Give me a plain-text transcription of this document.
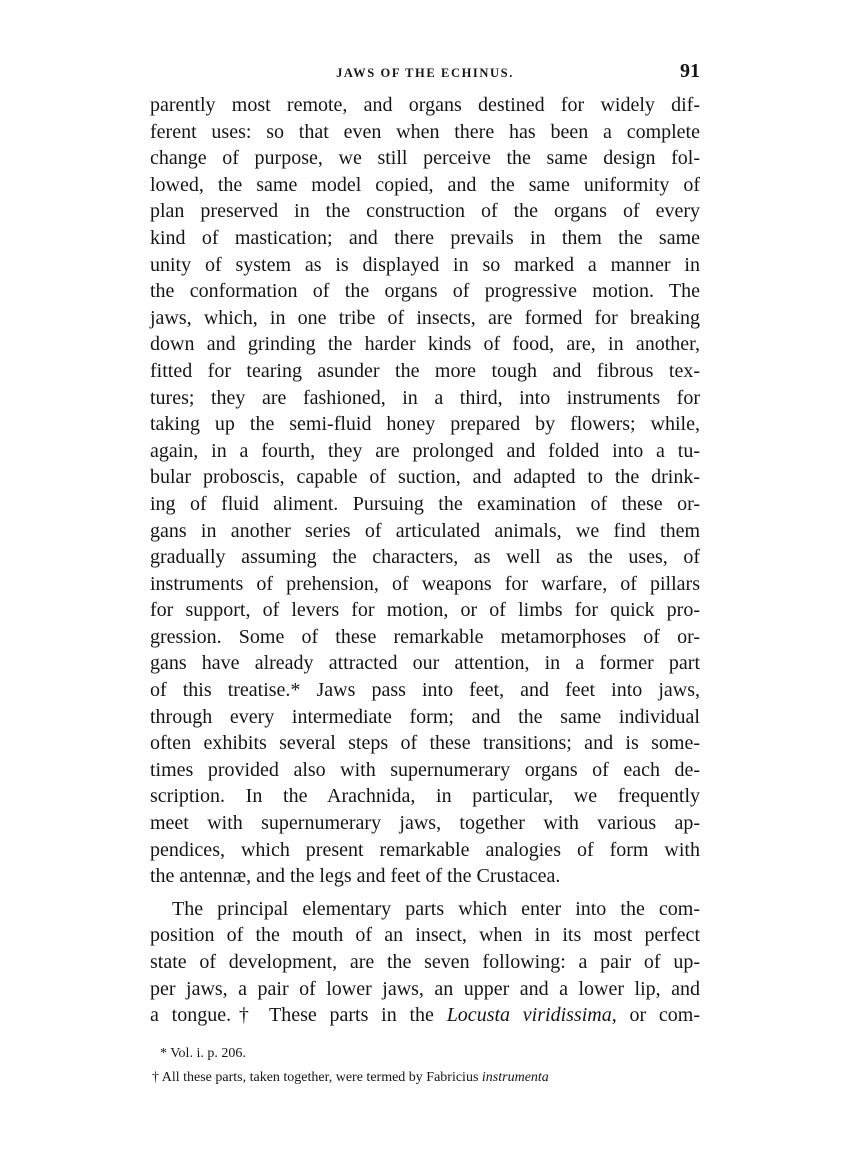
JAWS OF THE ECHINUS.	91
parently most remote, and organs destined for widely dif-
ferent uses: so that even when there has been a complete
change of purpose, we still perceive the same design fol-
lowed, the same model copied, and the same uniformity of
plan preserved in the construction of the organs of every
kind of mastication; and there prevails in them the same
unity of system as is displayed in so marked a manner in
the conformation of the organs of progressive motion. The
jaws, which, in one tribe of insects, are formed for breaking
down and grinding the harder kinds of food, are, in another,
fitted for tearing asunder the more tough and fibrous tex-
tures; they are fashioned, in a third, into instruments for
taking up the semi-fluid honey prepared by flowers; while,
again, in a fourth, they are prolonged and folded into a tu-
bular proboscis, capable of suction, and adapted to the drink-
ing of fluid aliment. Pursuing the examination of these or-
gans in another series of articulated animals, we find them
gradually assuming the characters, as well as the uses, of
instruments of prehension, of weapons for warfare, of pillars
for support, of levers for motion, or of limbs for quick pro-
gression. Some of these remarkable metamorphoses of or-
gans have already attracted our attention, in a former part
of this treatise.* Jaws pass into feet, and feet into jaws,
through every intermediate form; and the same individual
often exhibits several steps of these transitions; and is some-
times provided also with supernumerary organs of each de-
scription. In the Arachnida, in particular, we frequently
meet with supernumerary jaws, together with various ap-
pendices, which present remarkable analogies of form with
the antennæ, and the legs and feet of the Crustacea.
The principal elementary parts which enter into the com-
position of the mouth of an insect, when in its most perfect
state of development, are the seven following: a pair of up-
per jaws, a pair of lower jaws, an upper and a lower lip, and
a tongue.† These parts in the Locusta viridissima, or com-
* Vol. i. p. 206.
† All these parts, taken together, were termed by Fabricius instrumenta
